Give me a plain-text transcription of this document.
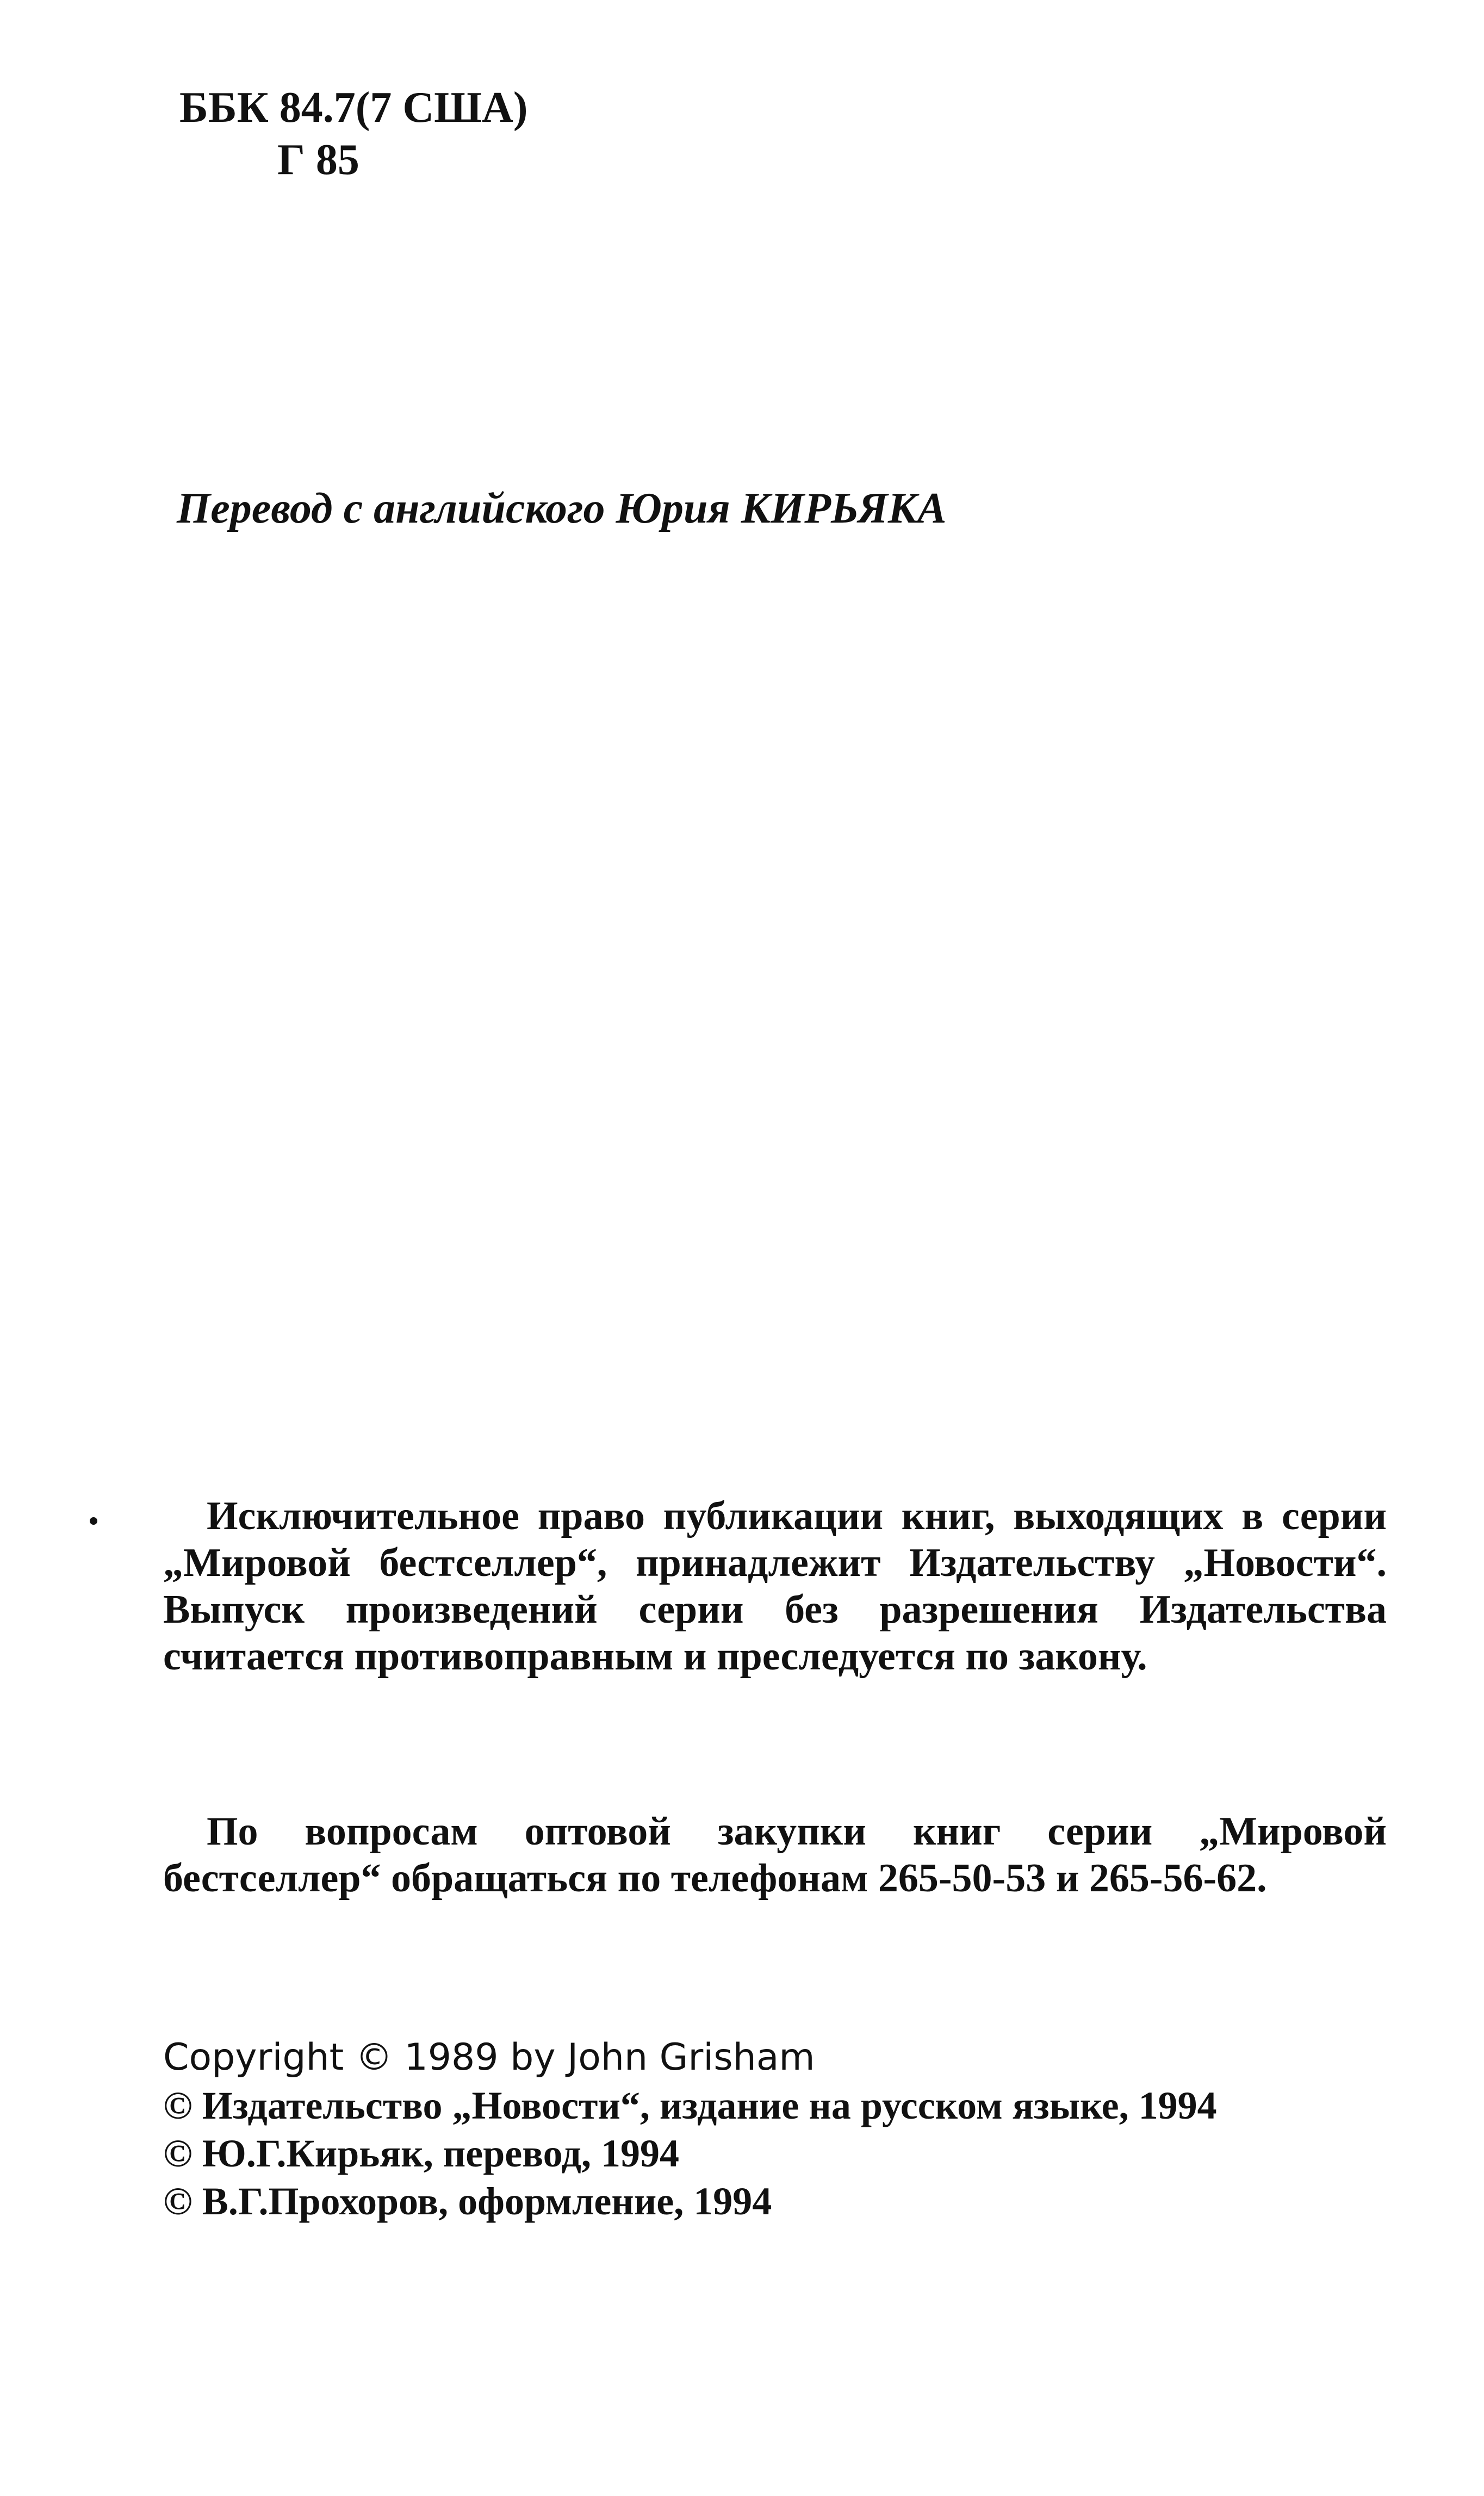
ББК 84.7(7 США)
Г 85
Перевод с английского Юрия КИРЬЯКА

Исключительное право публикации книг, выходящих в серии „Мировой бестселлер“, принадлежит Издательству „Новости“. Выпуск произведений серии без разрешения Издательства считается противоправным и преследуется по закону.

По вопросам оптовой закупки книг серии „Мировой бестселлер“ обращаться по телефонам 265-50-53 и 265-56-62.

Copyright © 1989 by John Grisham
© Издательство „Новости“, издание на русском языке, 1994
© Ю.Г.Кирьяк, перевод, 1994
© В.Г.Прохоров, оформление, 1994
